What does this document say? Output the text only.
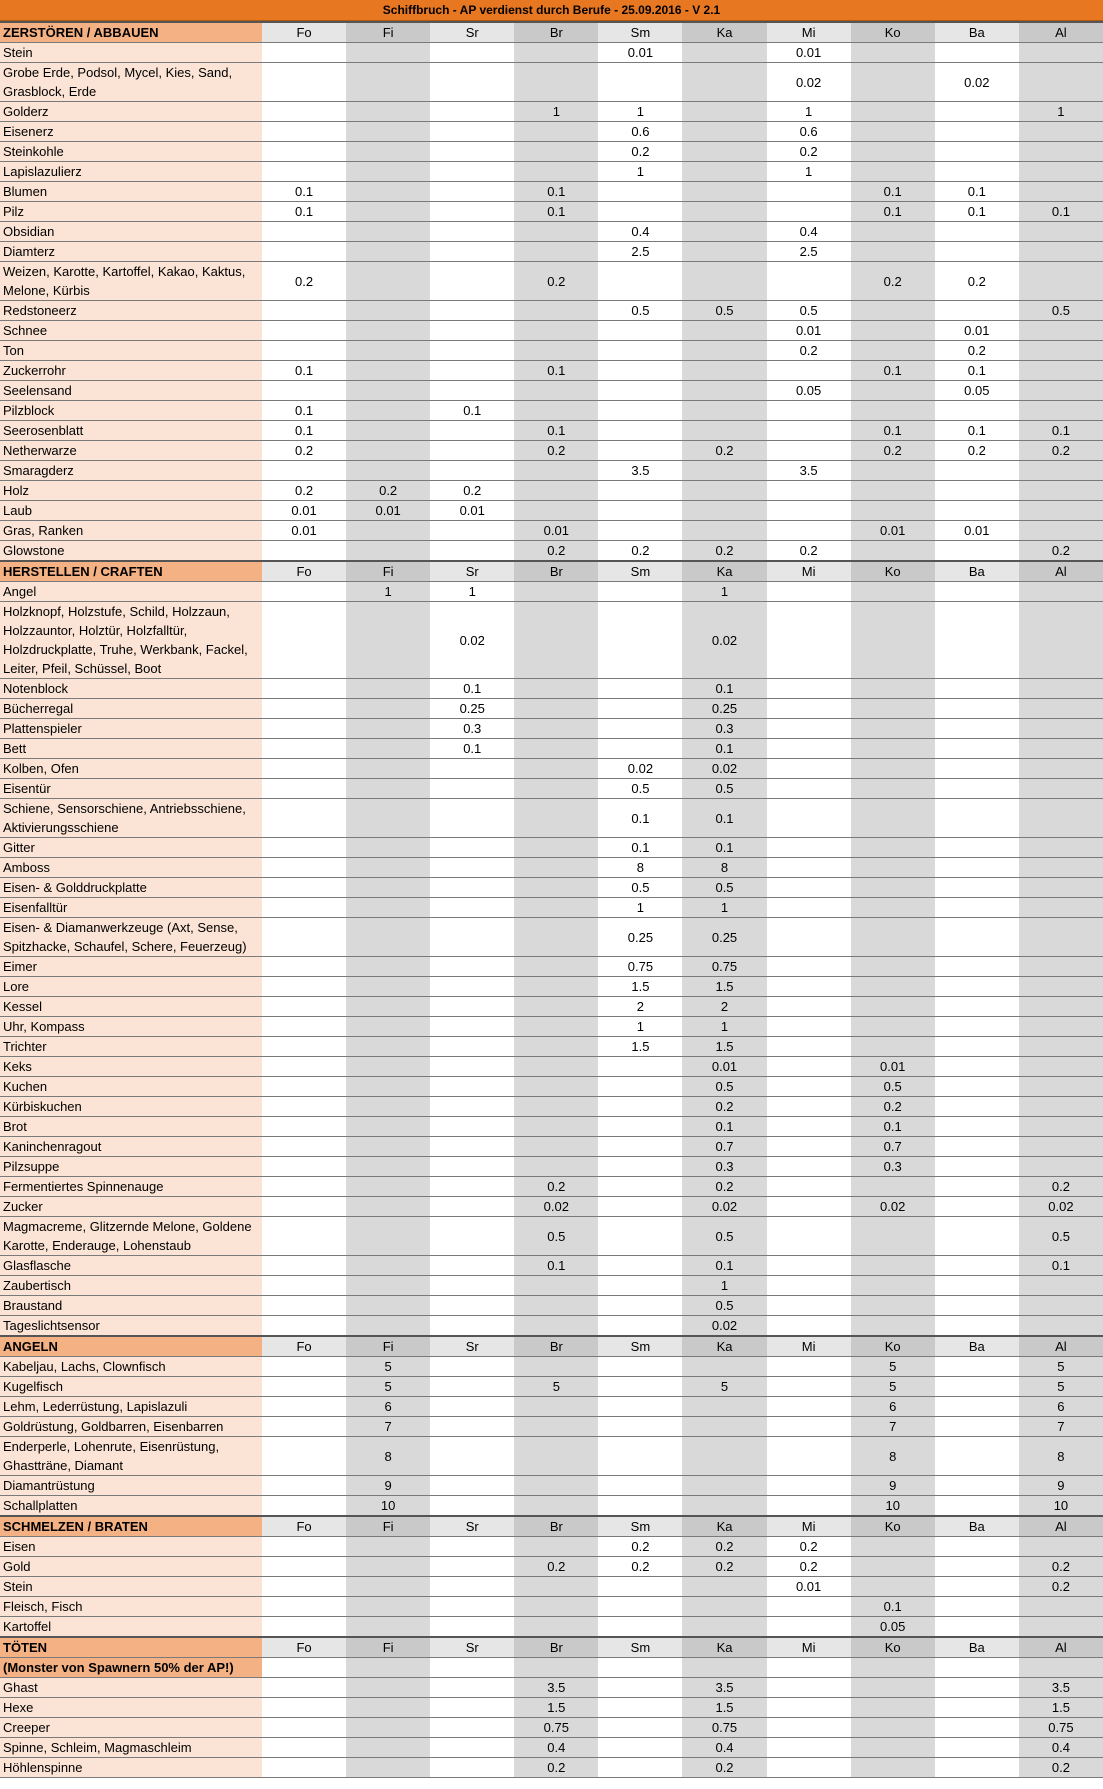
Schiffbruch - AP verdienst durch Berufe - 25.09.2016 - V 2.1
ZERSTÖREN / ABBAUEN	Fo	Fi	Sr	Br	Sm	Ka	Mi	Ko	Ba	Al
Stein					0.01		0.01			
Grobe Erde, Podsol, Mycel, Kies, Sand, Grasblock, Erde							0.02		0.02	
Golderz				1	1		1			1
Eisenerz					0.6		0.6			
Steinkohle					0.2		0.2			
Lapislazulierz					1		1			
Blumen	0.1			0.1				0.1	0.1	
Pilz	0.1			0.1				0.1	0.1	0.1
Obsidian					0.4		0.4			
Diamterz					2.5		2.5			
Weizen, Karotte, Kartoffel, Kakao, Kaktus, Melone, Kürbis	0.2			0.2				0.2	0.2	
Redstoneerz					0.5	0.5	0.5			0.5
Schnee							0.01		0.01	
Ton							0.2		0.2	
Zuckerrohr	0.1			0.1				0.1	0.1	
Seelensand							0.05		0.05	
Pilzblock	0.1		0.1							
Seerosenblatt	0.1			0.1				0.1	0.1	0.1
Netherwarze	0.2			0.2		0.2		0.2	0.2	0.2
Smaragderz					3.5		3.5			
Holz	0.2	0.2	0.2							
Laub	0.01	0.01	0.01							
Gras, Ranken	0.01			0.01				0.01	0.01	
Glowstone				0.2	0.2	0.2	0.2			0.2
HERSTELLEN / CRAFTEN	Fo	Fi	Sr	Br	Sm	Ka	Mi	Ko	Ba	Al
Angel		1	1			1				
Holzknopf, Holzstufe, Schild, Holzzaun, Holzzauntor, Holztür, Holzfalltür, Holzdruckplatte, Truhe, Werkbank, Fackel, Leiter, Pfeil, Schüssel, Boot			0.02			0.02				
Notenblock			0.1			0.1				
Bücherregal			0.25			0.25				
Plattenspieler			0.3			0.3				
Bett			0.1			0.1				
Kolben, Ofen					0.02	0.02				
Eisentür					0.5	0.5				
Schiene, Sensorschiene, Antriebsschiene, Aktivierungsschiene					0.1	0.1				
Gitter					0.1	0.1				
Amboss					8	8				
Eisen- & Golddruckplatte					0.5	0.5				
Eisenfalltür					1	1				
Eisen- & Diamanwerkzeuge (Axt, Sense, Spitzhacke, Schaufel, Schere, Feuerzeug)					0.25	0.25				
Eimer					0.75	0.75				
Lore					1.5	1.5				
Kessel					2	2				
Uhr, Kompass					1	1				
Trichter					1.5	1.5				
Keks						0.01		0.01		
Kuchen						0.5		0.5		
Kürbiskuchen						0.2		0.2		
Brot						0.1		0.1		
Kaninchenragout						0.7		0.7		
Pilzsuppe						0.3		0.3		
Fermentiertes Spinnenauge				0.2		0.2				0.2
Zucker				0.02		0.02		0.02		0.02
Magmacreme, Glitzernde Melone, Goldene Karotte, Enderauge, Lohenstaub				0.5		0.5				0.5
Glasflasche				0.1		0.1				0.1
Zaubertisch						1				
Braustand						0.5				
Tageslichtsensor						0.02				
ANGELN	Fo	Fi	Sr	Br	Sm	Ka	Mi	Ko	Ba	Al
Kabeljau, Lachs, Clownfisch		5						5		5
Kugelfisch		5		5		5		5		5
Lehm, Lederrüstung, Lapislazuli		6						6		6
Goldrüstung, Goldbarren, Eisenbarren		7						7		7
Enderperle, Lohenrute, Eisenrüstung, Ghastträne, Diamant		8						8		8
Diamantrüstung		9						9		9
Schallplatten		10						10		10
SCHMELZEN / BRATEN	Fo	Fi	Sr	Br	Sm	Ka	Mi	Ko	Ba	Al
Eisen					0.2	0.2	0.2			
Gold				0.2	0.2	0.2	0.2			0.2
Stein							0.01			0.2
Fleisch, Fisch								0.1		
Kartoffel								0.05		
TÖTEN	Fo	Fi	Sr	Br	Sm	Ka	Mi	Ko	Ba	Al
(Monster von Spawnern 50% der AP!)										
Ghast				3.5		3.5				3.5
Hexe				1.5		1.5				1.5
Creeper				0.75		0.75				0.75
Spinne, Schleim, Magmaschleim				0.4		0.4				0.4
Höhlenspinne				0.2		0.2				0.2
